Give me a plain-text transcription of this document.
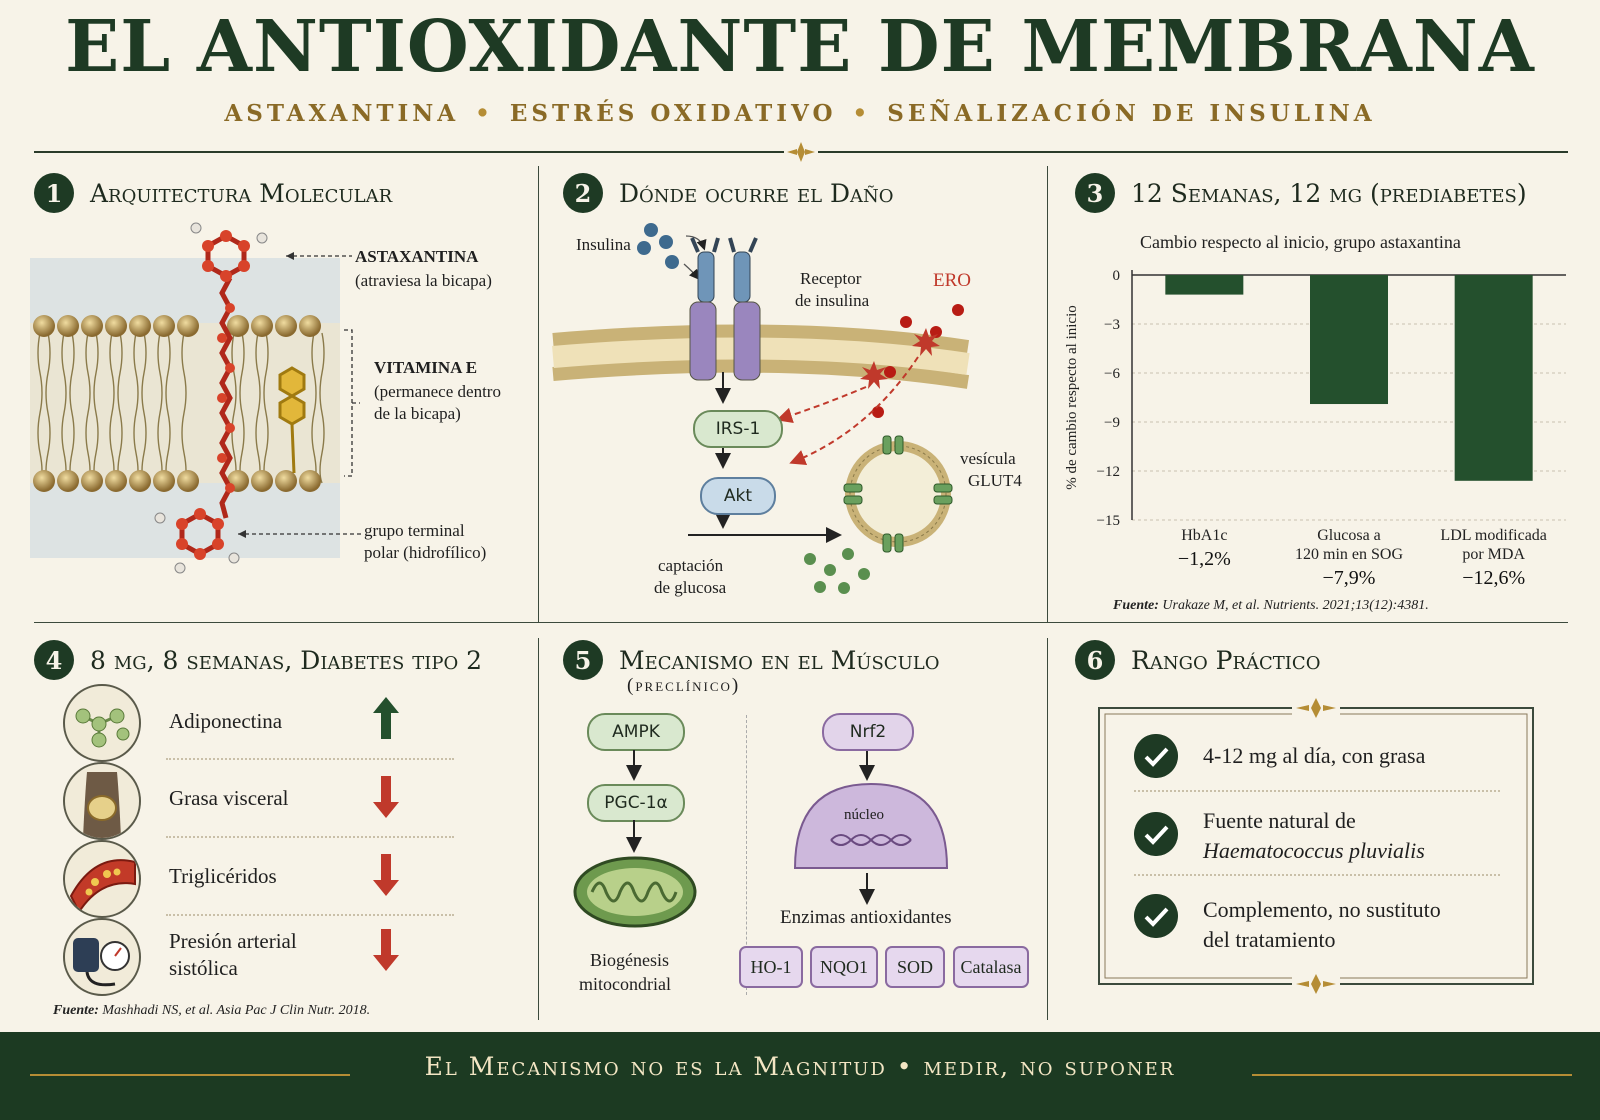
EL ANTIOXIDANTE DE MEMBRANA
ASTAXANTINA • ESTRÉS OXIDATIVO • SEÑALIZACIÓN DE INSULINA
1	Arquitectura Molecular
ASTAXANTINA
(atraviesa la bicapa)
VITAMINA E
(permanece dentro
de la bicapa)
grupo terminal
polar (hidrofílico)
2	Dónde ocurre el Daño
Insulina
Receptor
de insulina
ERO
IRS-1
Akt
vesícula
GLUT4
captación
de glucosa
3	12 Semanas, 12 mg (prediabetes)
Cambio respecto al inicio, grupo astaxantina
0
−3
−6
−9
−12
−15
% de cambio respecto al inicio
HbA1c
−1,2%
Glucosa a
120 min en SOG
−7,9%
LDL modificada
por MDA
−12,6%
Fuente: Urakaze M, et al. Nutrients. 2021;13(12):4381.
4	8 mg, 8 semanas, Diabetes tipo 2
Adiponectina
Grasa visceral
Triglicéridos
Presión arterial
sistólica
Fuente: Mashhadi NS, et al. Asia Pac J Clin Nutr. 2018.
5	Mecanismo en el Músculo
(preclínico)
AMPK
PGC-1α
Biogénesis
mitocondrial
Nrf2
núcleo
Enzimas antioxidantes
HO-1	NQO1	SOD	Catalasa
6	Rango Práctico
4-12 mg al día, con grasa
Fuente natural de
Haematococcus pluvialis
Complemento, no sustituto
del tratamiento
El Mecanismo no es la Magnitud • medir, no suponer
